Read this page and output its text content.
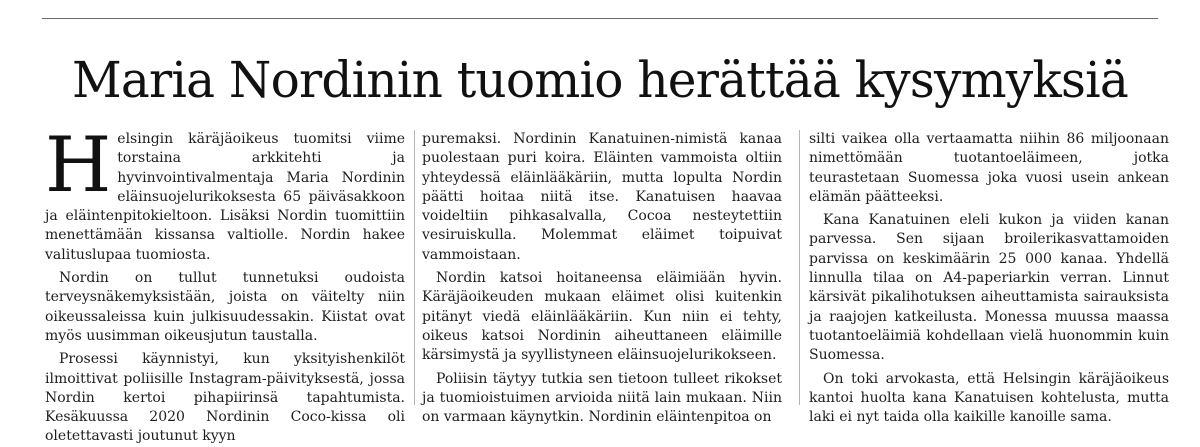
Maria Nordinin tuomio herättää kysymyksiä

Helsingin käräjäoikeus tuomitsi viime torstaina arkkitehti ja hyvinvointivalmentaja Maria Nordinin eläinsuojelurikoksesta 65 päiväsakkoon ja eläintenpitokieltoon. Lisäksi Nordin tuomittiin menettämään kissansa valtiolle. Nordin hakee valituslupaa tuomiosta.

Nordin on tullut tunnetuksi oudoista terveysnäkemyksistään, joista on väitelty niin oikeussaleissa kuin julkisuudessakin. Kiistat ovat myös uusimman oikeusjutun taustalla.

Prosessi käynnistyi, kun yksityishenkilöt ilmoittivat poliisille Instagram-päivityksestä, jossa Nordin kertoi pihapiirinsä tapahtumista. Kesäkuussa 2020 Nordinin Coco-kissa oli oletettavasti joutunut kyyn

puremaksi. Nordinin Kanatuinen-nimistä kanaa puolestaan puri koira. Eläinten vammoista oltiin yhteydessä eläinlääkäriin, mutta lopulta Nordin päätti hoitaa niitä itse. Kanatuisen haavaa voideltiin pihkasalvalla, Cocoa nesteytettiin vesiruiskulla. Molemmat eläimet toipuivat vammoistaan.

Nordin katsoi hoitaneensa eläimiään hyvin. Käräjäoikeuden mukaan eläimet olisi kuitenkin pitänyt viedä eläinlääkäriin. Kun niin ei tehty, oikeus katsoi Nordinin aiheuttaneen eläimille kärsimystä ja syyllistyneen eläinsuojelurikokseen.

Poliisin täytyy tutkia sen tietoon tulleet rikokset ja tuomioistuimen arvioida niitä lain mukaan. Niin on varmaan käynytkin. Nordinin eläintenpitoa on

silti vaikea olla vertaamatta niihin 86 miljoonaan nimettömään tuotantoeläimeen, jotka teurastetaan Suomessa joka vuosi usein ankean elämän päätteeksi.

Kana Kanatuinen eleli kukon ja viiden kanan parvessa. Sen sijaan broilerikasvattamoiden parvissa on keskimäärin 25 000 kanaa. Yhdellä linnulla tilaa on A4-paperiarkin verran. Linnut kärsivät pikalihotuksen aiheuttamista sairauksista ja raajojen katkeilusta. Monessa muussa maassa tuotantoeläimiä kohdellaan vielä huonommin kuin Suomessa.

On toki arvokasta, että Helsingin käräjäoikeus kantoi huolta kana Kanatuisen kohtelusta, mutta laki ei nyt taida olla kaikille kanoille sama.
